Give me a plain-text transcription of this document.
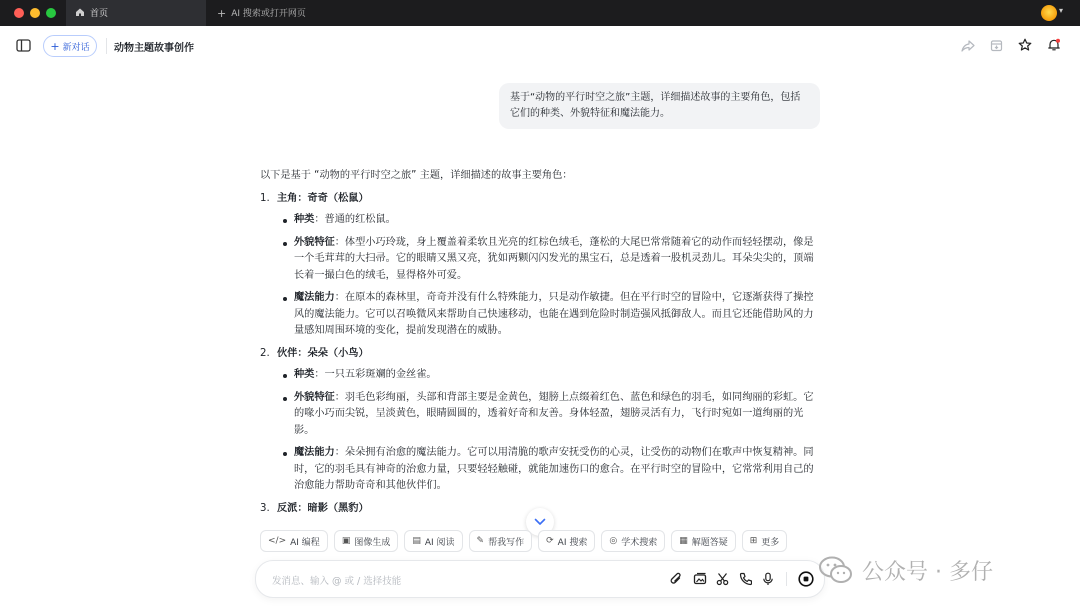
首页	+ AI 搜索或打开网页	▾
+ 新对话 动物主题故事创作
基于“动物的平行时空之旅”主题，详细描述故事的主要角色，包括它们的种类、外貌特征和魔法能力。

以下是基于 “动物的平行时空之旅” 主题，详细描述的故事主要角色：

1. 主角：奇奇（松鼠）
种类：普通的红松鼠。
外貌特征：体型小巧玲珑，身上覆盖着柔软且光亮的红棕色绒毛，蓬松的大尾巴常常随着它的动作而轻轻摆动，像是一个毛茸茸的大扫帚。它的眼睛又黑又亮，犹如两颗闪闪发光的黑宝石，总是透着一股机灵劲儿。耳朵尖尖的，顶端长着一撮白色的绒毛，显得格外可爱。
魔法能力：在原本的森林里，奇奇并没有什么特殊能力，只是动作敏捷。但在平行时空的冒险中，它逐渐获得了操控风的魔法能力。它可以召唤微风来帮助自己快速移动，也能在遇到危险时制造强风抵御敌人。而且它还能借助风的力量感知周围环境的变化，提前发现潜在的威胁。
2. 伙伴：朵朵（小鸟）
种类：一只五彩斑斓的金丝雀。
外貌特征：羽毛色彩绚丽，头部和背部主要是金黄色，翅膀上点缀着红色、蓝色和绿色的羽毛，如同绚丽的彩虹。它的喙小巧而尖锐，呈淡黄色，眼睛圆圆的，透着好奇和友善。身体轻盈，翅膀灵活有力，飞行时宛如一道绚丽的光影。
魔法能力：朵朵拥有治愈的魔法能力。它可以用清脆的歌声安抚受伤的心灵，让受伤的动物们在歌声中恢复精神。同时，它的羽毛具有神奇的治愈力量，只要轻轻触碰，就能加速伤口的愈合。在平行时空的冒险中，它常常利用自己的治愈能力帮助奇奇和其他伙伴们。
3. 反派：暗影（黑豹）
</> AI 编程 ▣ 图像生成 ▤ AI 阅读 ✎ 帮我写作 ⟳ AI 搜索 ◎ 学术搜索 ▦ 解题答疑 ⊞ 更多
发消息、输入 @ 或 / 选择技能	公众号 · 多仔
